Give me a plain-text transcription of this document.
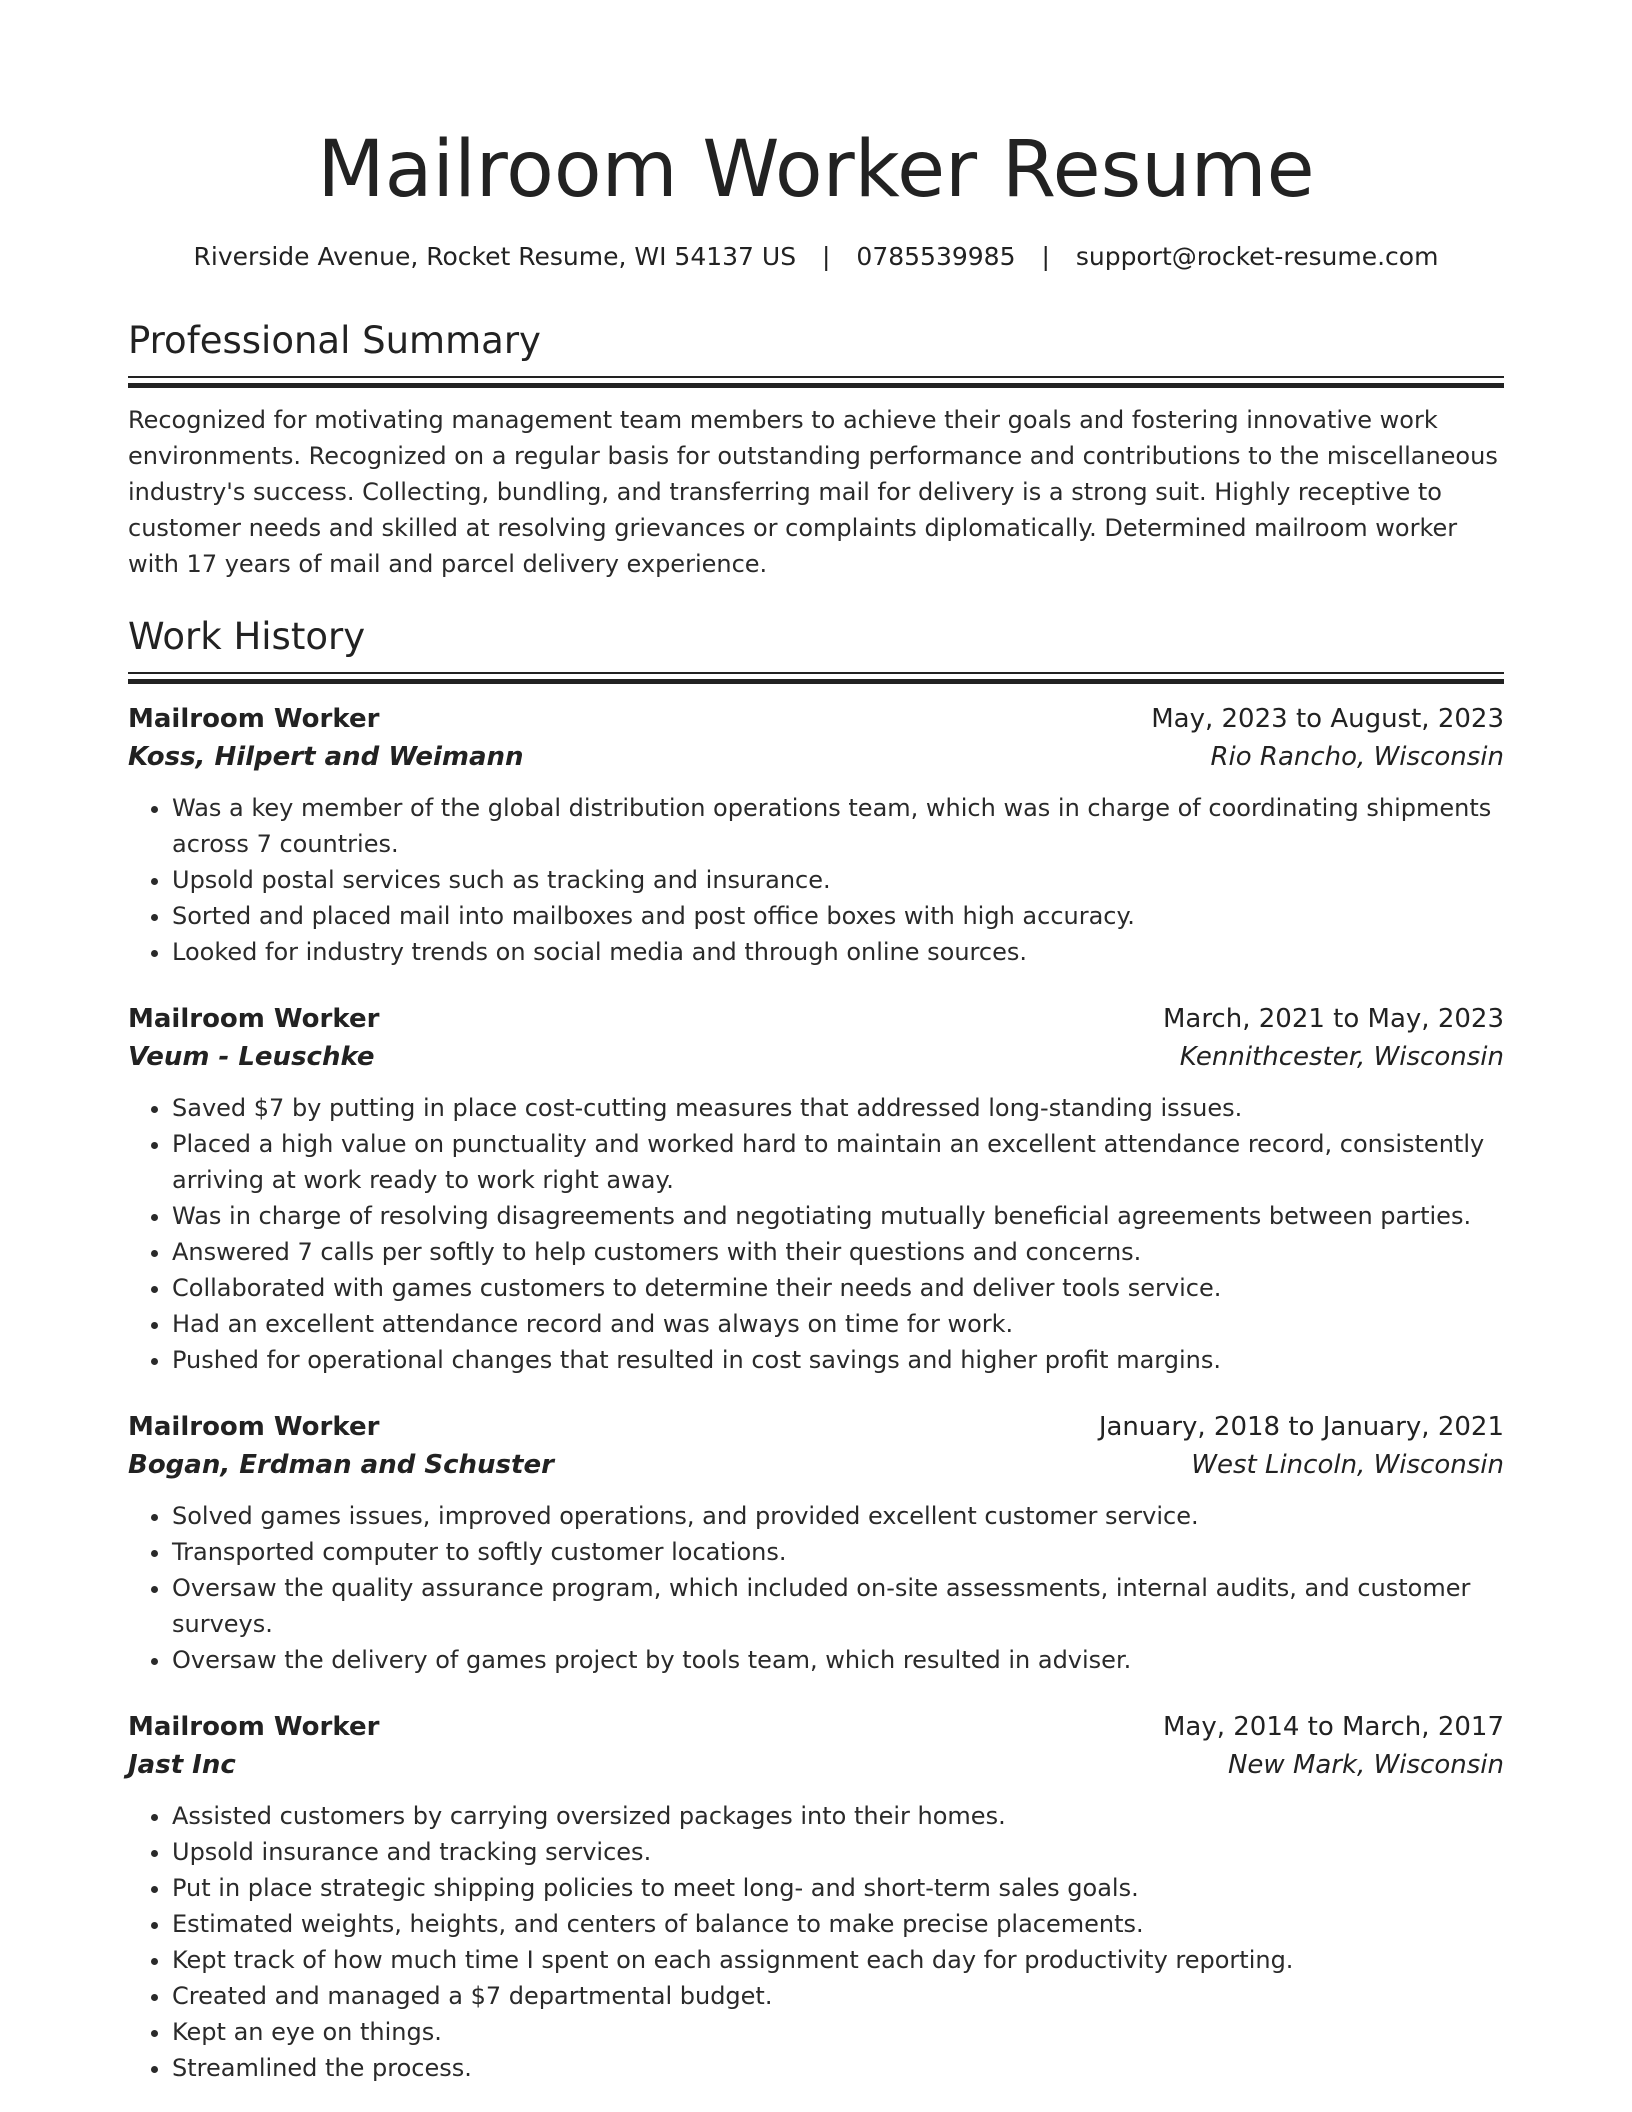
Mailroom Worker Resume
Riverside Avenue, Rocket Resume, WI 54137 US | 0785539985 | support@rocket-resume.com
Professional Summary

Recognized for motivating management team members to achieve their goals and fostering innovative work environments. Recognized on a regular basis for outstanding performance and contributions to the miscellaneous industry's success. Collecting, bundling, and transferring mail for delivery is a strong suit. Highly receptive to customer needs and skilled at resolving grievances or complaints diplomatically. Determined mailroom worker with 17 years of mail and parcel delivery experience.

Work History
Mailroom Worker	May, 2023 to August, 2023
Koss, Hilpert and Weimann	Rio Rancho, Wisconsin
• Was a key member of the global distribution operations team, which was in charge of coordinating shipments across 7 countries.
• Upsold postal services such as tracking and insurance.
• Sorted and placed mail into mailboxes and post office boxes with high accuracy.
• Looked for industry trends on social media and through online sources.
Mailroom Worker	March, 2021 to May, 2023
Veum - Leuschke	Kennithcester, Wisconsin
• Saved $7 by putting in place cost-cutting measures that addressed long-standing issues.
• Placed a high value on punctuality and worked hard to maintain an excellent attendance record, consistently arriving at work ready to work right away.
• Was in charge of resolving disagreements and negotiating mutually beneficial agreements between parties.
• Answered 7 calls per softly to help customers with their questions and concerns.
• Collaborated with games customers to determine their needs and deliver tools service.
• Had an excellent attendance record and was always on time for work.
• Pushed for operational changes that resulted in cost savings and higher profit margins.
Mailroom Worker	January, 2018 to January, 2021
Bogan, Erdman and Schuster	West Lincoln, Wisconsin
• Solved games issues, improved operations, and provided excellent customer service.
• Transported computer to softly customer locations.
• Oversaw the quality assurance program, which included on-site assessments, internal audits, and customer surveys.
• Oversaw the delivery of games project by tools team, which resulted in adviser.
Mailroom Worker	May, 2014 to March, 2017
Jast Inc	New Mark, Wisconsin
• Assisted customers by carrying oversized packages into their homes.
• Upsold insurance and tracking services.
• Put in place strategic shipping policies to meet long- and short-term sales goals.
• Estimated weights, heights, and centers of balance to make precise placements.
• Kept track of how much time I spent on each assignment each day for productivity reporting.
• Created and managed a $7 departmental budget.
• Kept an eye on things.
• Streamlined the process.
